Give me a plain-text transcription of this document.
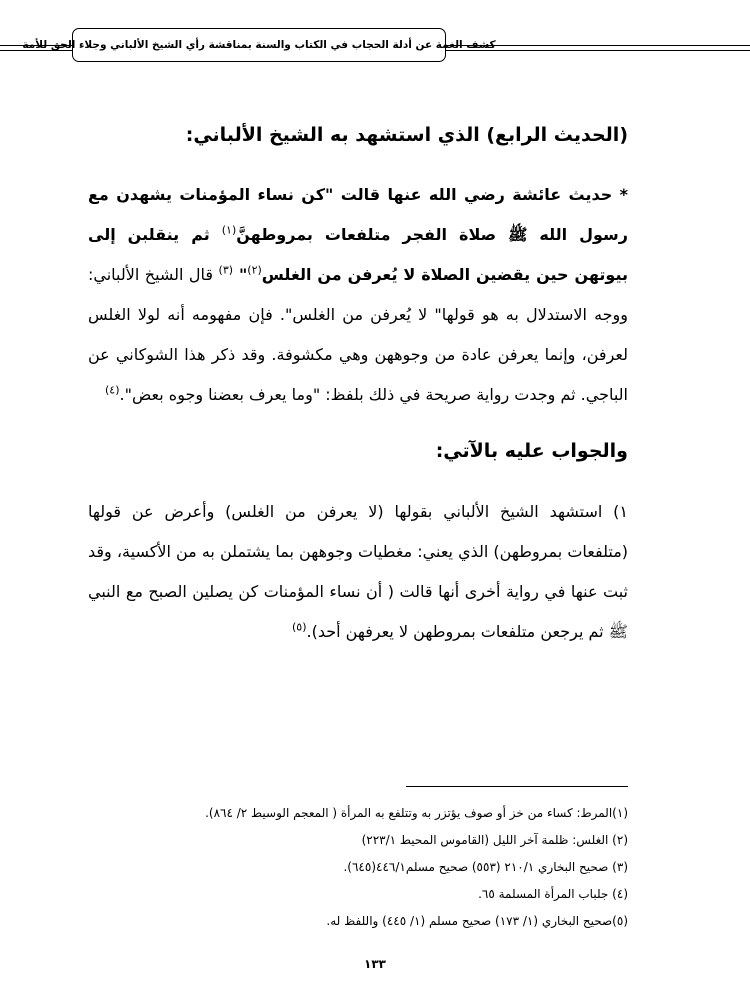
كشف الغمة عن أدلة الحجاب في الكتاب والسنة بمناقشة رأي الشيخ الألباني وجلاء الحق للأمة
(الحديث الرابع) الذي استشهد به الشيخ الألباني:
* حديث عائشة رضي الله عنها قالت "كن نساء المؤمنات يشهدن مع رسول الله ﷺ صلاة الفجر متلفعات بمروطهنَّ$^{(١)}$ ثم ينقلبن إلى بيوتهن حين يقضين الصلاة لا يُعرفن من الغلس$^{(٢)}$" $^{(٣)}$ قال الشيخ الألباني: ووجه الاستدلال به هو قولها" لا يُعرفن من الغلس". فإن مفهومه أنه لولا الغلس لعرفن، وإنما يعرفن عادة من وجوههن وهي مكشوفة. وقد ذكر هذا الشوكاني عن الباجي. ثم وجدت رواية صريحة في ذلك بلفظ: "وما يعرف بعضنا وجوه بعض".$^{(٤)}$
والجواب عليه بالآتي:
١) استشهد الشيخ الألباني بقولها (لا يعرفن من الغلس) وأعرض عن قولها (متلفعات بمروطهن) الذي يعني: مغطيات وجوههن بما يشتملن به من الأكسية، وقد ثبت عنها في رواية أخرى أنها قالت ( أن نساء المؤمنات كن يصلين الصبح مع النبي ﷺ ثم يرجعن متلفعات بمروطهن لا يعرفهن أحد).$^{(٥)}$
(١)المرط: كساء من خز أو صوف يؤتزر به وتتلفع به المرأة ( المعجم الوسيط ٢/ ٨٦٤).
(٢) الغلس: ظلمة آخر الليل (القاموس المحيط ٢٢٣/١)
(٣) صحيح البخاري ٢١٠/١ (٥٥٣) صحيح مسلم٤٤٦/١(٦٤٥).
(٤) جلباب المرأة المسلمة ٦٥.
(٥)صحيح البخاري (١/ ١٧٣) صحيح مسلم (١/ ٤٤٥) واللفظ له.
١٣٣
